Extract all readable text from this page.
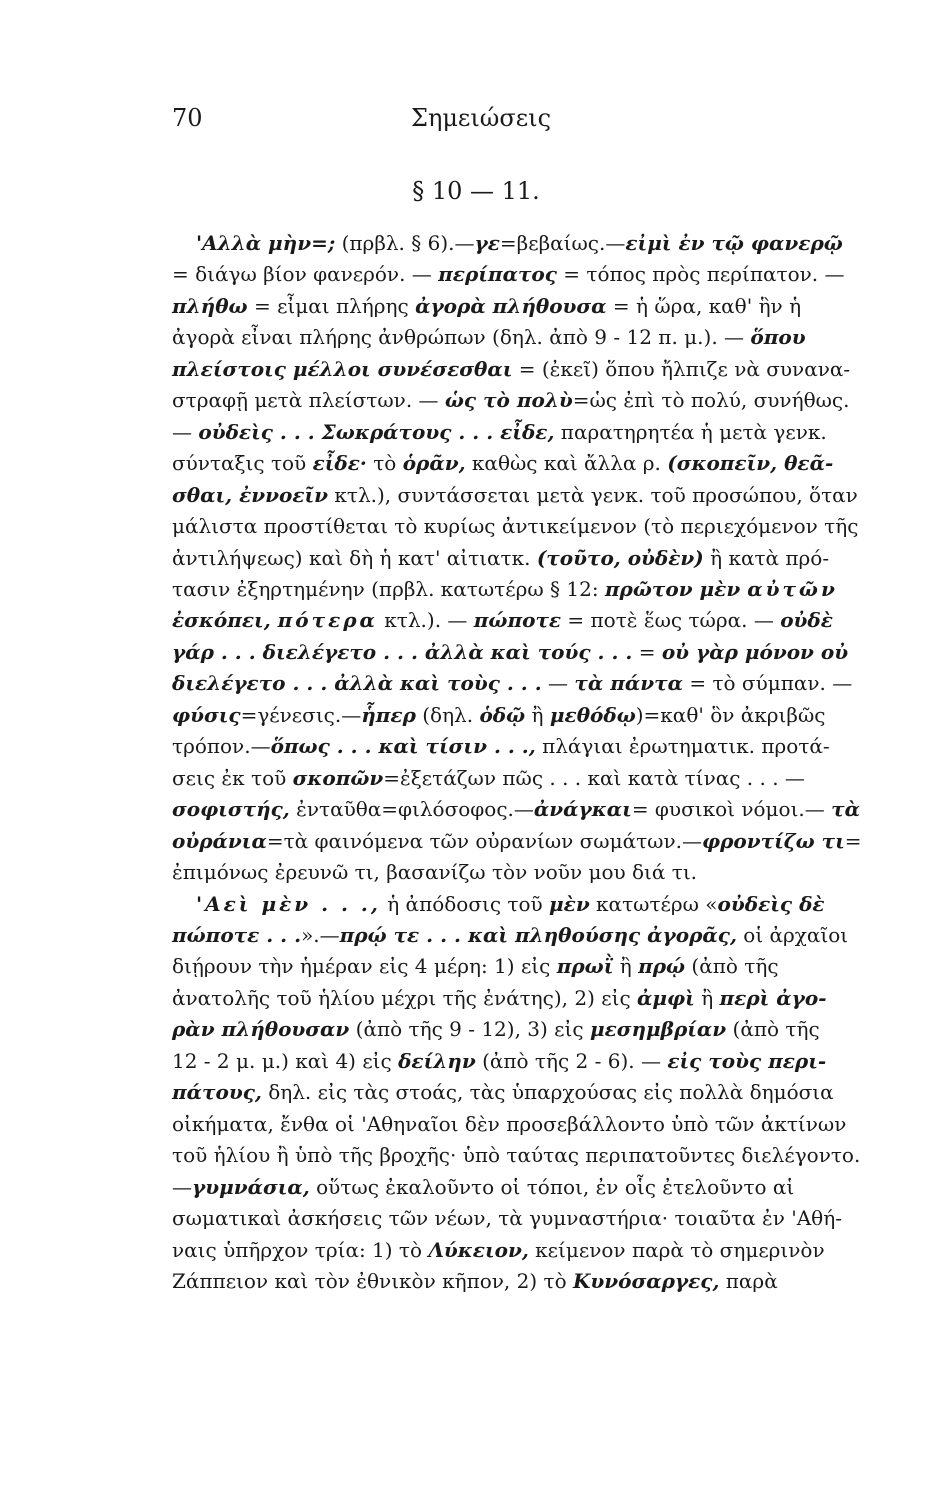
70	Σημειώσεις
§ 10 — 11.
'Αλλὰ μὴν=; (πρβλ. § 6).—γε=βεβαίως.—εἰμὶ ἐν τῷ φανερῷ
= διάγω βίον φανερόν. — περίπατος = τόπος πρὸς περίπατον. —
πλήθω = εἶμαι πλήρης ἀγορὰ πλήθουσα = ἡ ὥρα, καθ' ἣν ἡ
ἀγορὰ εἶναι πλήρης ἀνθρώπων (δηλ. ἀπὸ 9 - 12 π. μ.). — ὅπου
πλείστοις μέλλοι συνέσεσθαι = (ἐκεῖ) ὅπου ἤλπιζε νὰ συνανα-
στραφῇ μετὰ πλείστων. — ὡς τὸ πολὺ=ὡς ἐπὶ τὸ πολύ, συνήθως.
— οὐδεὶς . . . Σωκράτους . . . εἶδε, παρατηρητέα ἡ μετὰ γενκ.
σύνταξις τοῦ εἶδε· τὸ ὁρᾶν, καθὼς καὶ ἄλλα ρ. (σκοπεῖν, θεᾶ-
σθαι, ἐννοεῖν κτλ.), συντάσσεται μετὰ γενκ. τοῦ προσώπου, ὅταν
μάλιστα προστίθεται τὸ κυρίως ἀντικείμενον (τὸ περιεχόμενον τῆς
ἀντιλήψεως) καὶ δὴ ἡ κατ' αἰτιατκ. (τοῦτο, οὐδὲν) ἢ κατὰ πρό-
τασιν ἐξηρτημένην (πρβλ. κατωτέρω § 12: πρῶτον μὲν αὐτῶν
ἐσκόπει, πότερα κτλ.). — πώποτε = ποτὲ ἕως τώρα. — οὐδὲ
γάρ . . . διελέγετο . . . ἀλλὰ καὶ τούς . . . = οὐ γὰρ μόνον οὐ
διελέγετο . . . ἀλλὰ καὶ τοὺς . . . — τὰ πάντα = τὸ σύμπαν. —
φύσις=γένεσις.—ἧπερ (δηλ. ὁδῷ ἢ μεθόδῳ)=καθ' ὃν ἀκριβῶς
τρόπον.—ὅπως . . . καὶ τίσιν . . ., πλάγιαι ἐρωτηματικ. προτά-
σεις ἐκ τοῦ σκοπῶν=ἐξετάζων πῶς . . . καὶ κατὰ τίνας . . . —
σοφιστής, ἐνταῦθα=φιλόσοφος.—ἀνάγκαι= φυσικοὶ νόμοι.— τὰ
οὐράνια=τὰ φαινόμενα τῶν οὐρανίων σωμάτων.—φροντίζω τι=
ἐπιμόνως ἐρευνῶ τι, βασανίζω τὸν νοῦν μου διά τι.
'Αεὶ μὲν . . ., ἡ ἀπόδοσις τοῦ μὲν κατωτέρω «οὐδεὶς δὲ
πώποτε . . .».—πρῴ τε . . . καὶ πληθούσης ἀγορᾶς, οἱ ἀρχαῖοι
διῄρουν τὴν ἡμέραν εἰς 4 μέρη: 1) εἰς πρωῒ ἢ πρῴ (ἀπὸ τῆς
ἀνατολῆς τοῦ ἡλίου μέχρι τῆς ἐνάτης), 2) εἰς ἀμφὶ ἢ περὶ ἀγο-
ρὰν πλήθουσαν (ἀπὸ τῆς 9 - 12), 3) εἰς μεσημβρίαν (ἀπὸ τῆς
12 - 2 μ. μ.) καὶ 4) εἰς δείλην (ἀπὸ τῆς 2 - 6). — εἰς τοὺς περι-
πάτους, δηλ. εἰς τὰς στοάς, τὰς ὑπαρχούσας εἰς πολλὰ δημόσια
οἰκήματα, ἔνθα οἱ 'Αθηναῖοι δὲν προσεβάλλοντο ὑπὸ τῶν ἀκτίνων
τοῦ ἡλίου ἢ ὑπὸ τῆς βροχῆς· ὑπὸ ταύτας περιπατοῦντες διελέγοντο.
—γυμνάσια, οὕτως ἐκαλοῦντο οἱ τόποι, ἐν οἷς ἐτελοῦντο αἱ
σωματικαὶ ἀσκήσεις τῶν νέων, τὰ γυμναστήρια· τοιαῦτα ἐν 'Αθή-
ναις ὑπῆρχον τρία: 1) τὸ Λύκειον, κείμενον παρὰ τὸ σημερινὸν
Ζάππειον καὶ τὸν ἐθνικὸν κῆπον, 2) τὸ Κυνόσαργες, παρὰ
